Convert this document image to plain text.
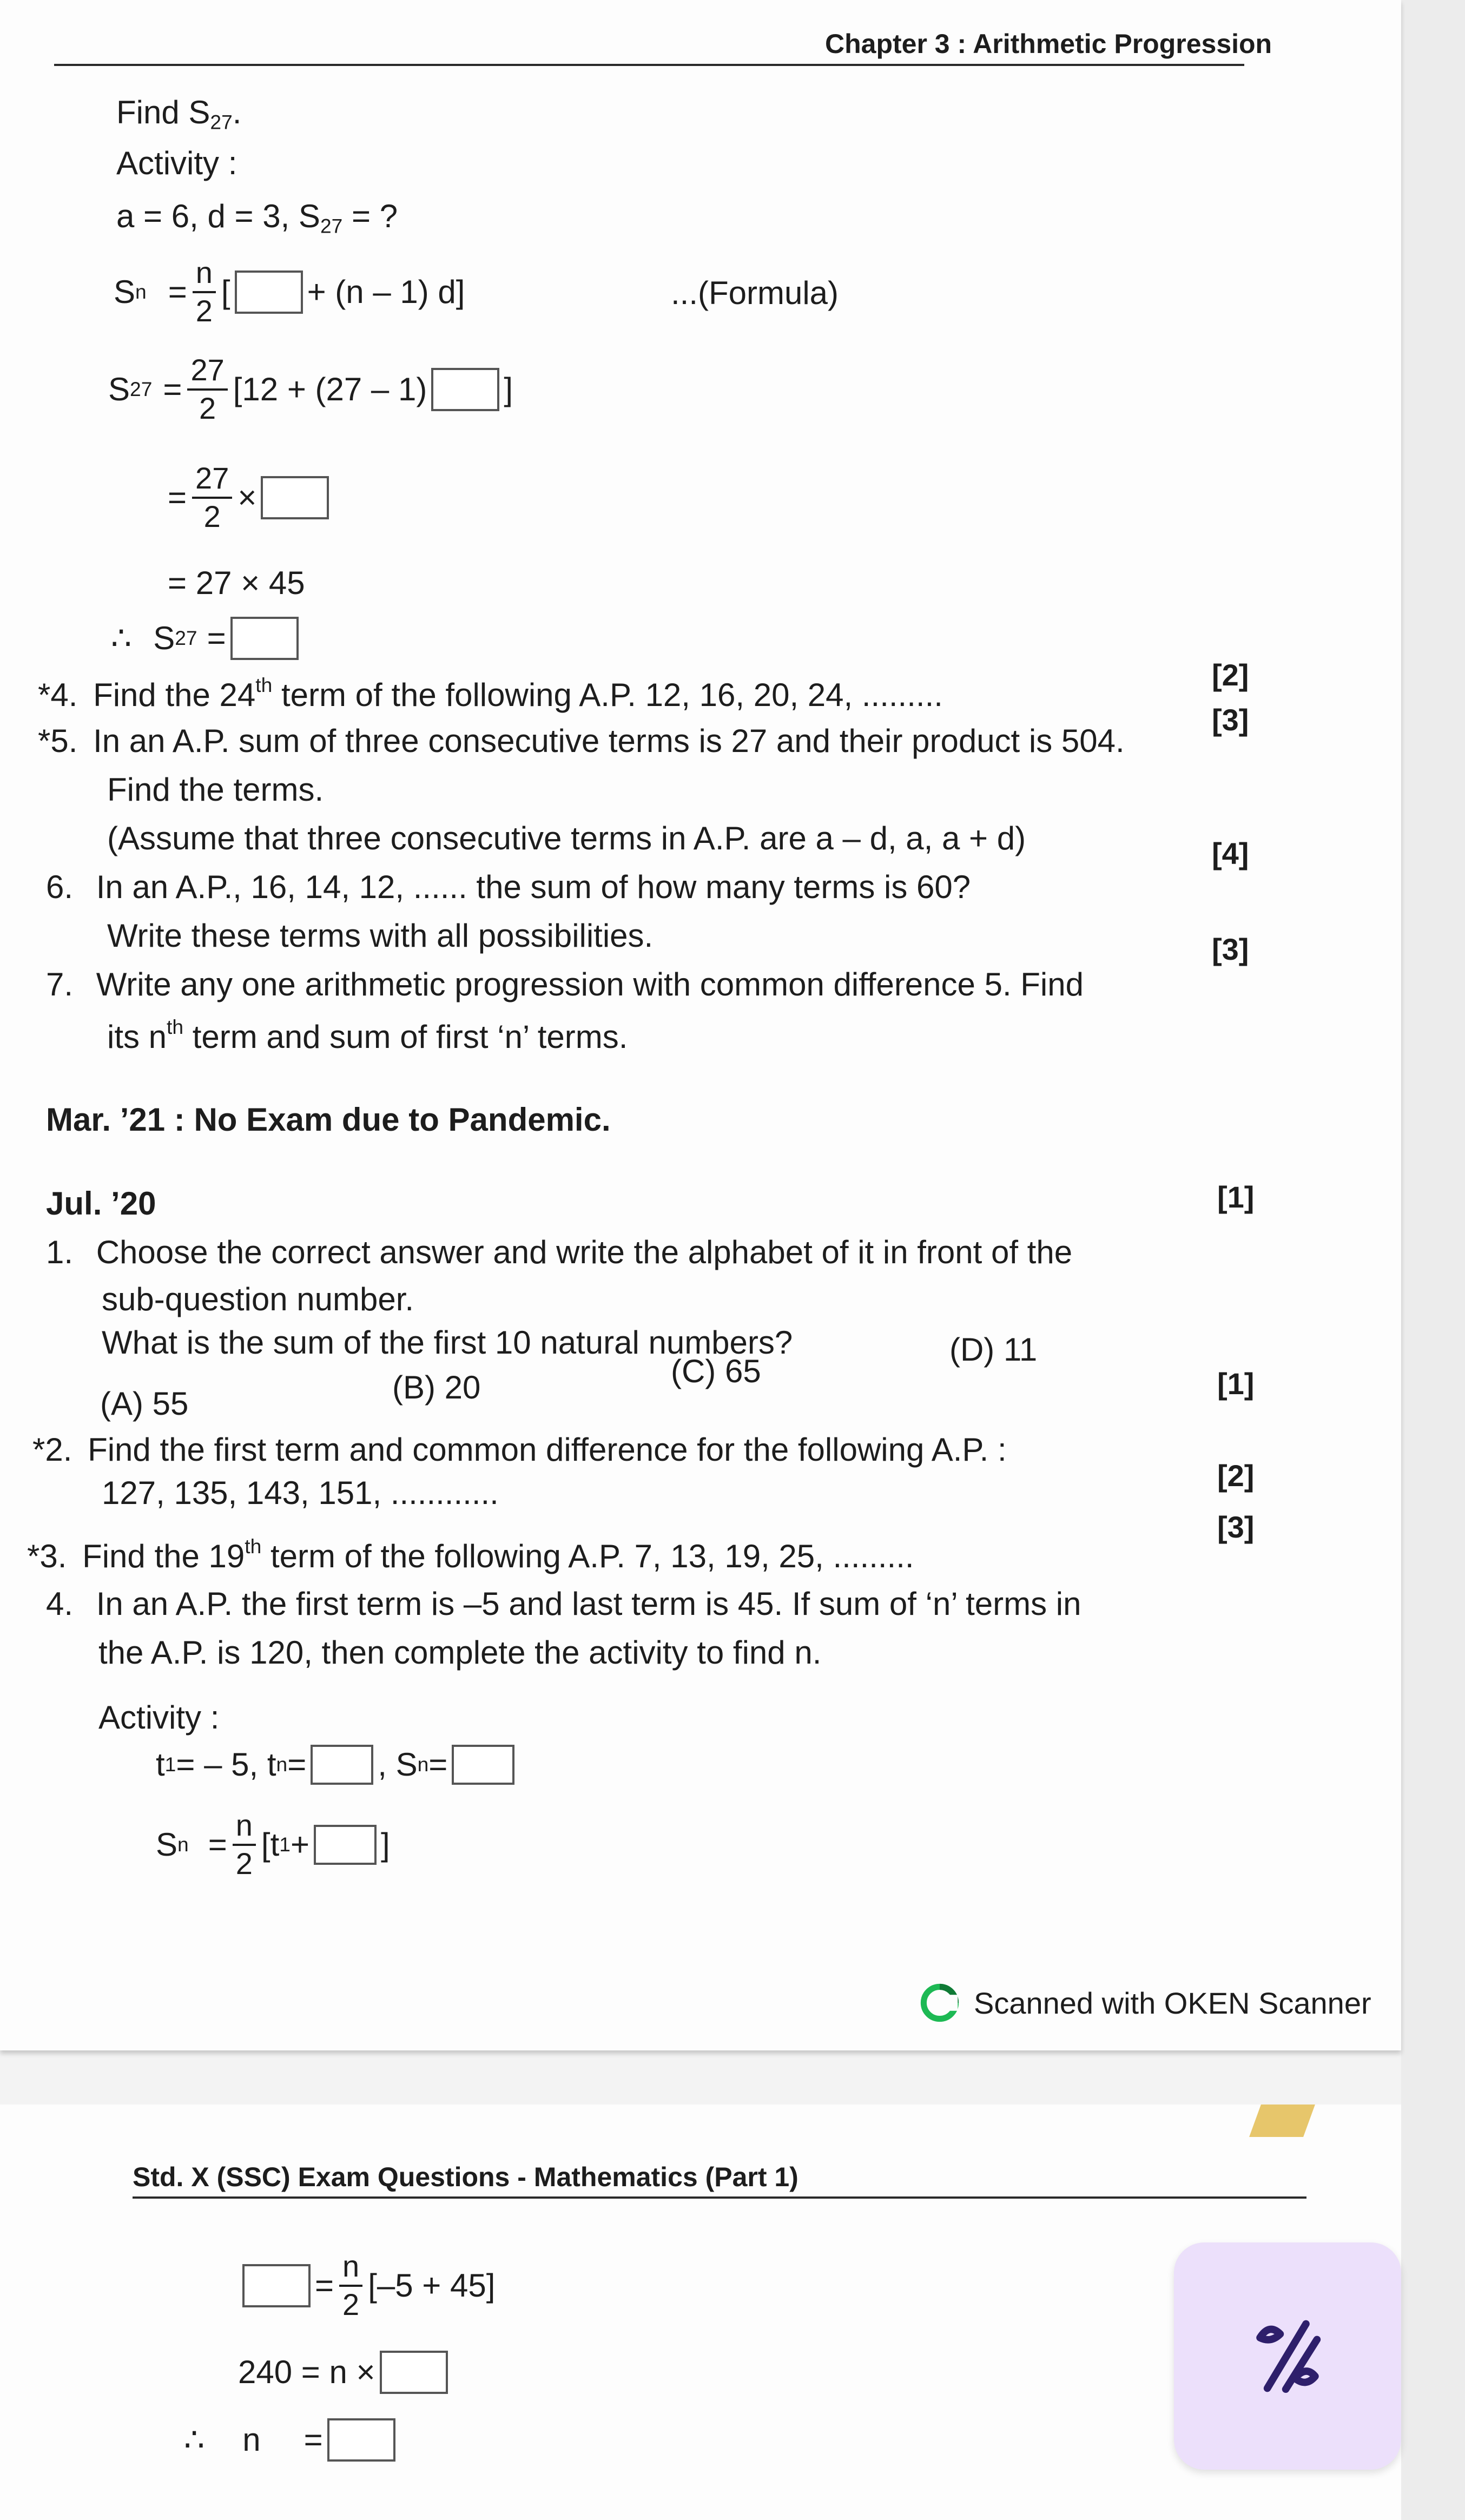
Chapter 3 : Arithmetic Progression
Find $S_{27}$.
Activity :
a = 6, d = 3, $S_{27}$ = ?
S $n = \frac{n}{2}$ [ + (n – 1) d]	...(Formula)
S $27 = \frac{27}{2} [12 + (27 - 1)$ ]
= $\frac{27}{2}$ ×
= 27 × 45
∴ S 27 =
*4. Find the 24th term of the following A.P. 12, 16, 20, 24, .........
[2]
*5. In an A.P. sum of three consecutive terms is 27 and their product is 504.
[3]
Find the terms.
(Assume that three consecutive terms in A.P. are a – d, a, a + d)
6. In an A.P., 16, 14, 12, ...... the sum of how many terms is 60?
[4]
Write these terms with all possibilities.
7. Write any one arithmetic progression with common difference 5. Find
[3]
its $n^{th}$ term and sum of first ‘n’ terms.
Mar. ’21 : No Exam due to Pandemic.
Jul. ’20	[1]
1. Choose the correct answer and write the alphabet of it in front of the
sub-question number.
What is the sum of the first 10 natural numbers?
(A) 55	(B) 20	(C) 65
(D) 11
*2. Find the first term and common difference for the following A.P. :
[1]
127, 135, 143, 151, ............
*3. Find the 19th term of the following A.P. 7, 13, 19, 25, .........
[2]
4. In an A.P. the first term is –5 and last term is 45. If sum of ‘n’ terms in
[3]
the A.P. is 120, then complete the activity to find n.
Activity :
t 1 = – 5, t n = , S n =
S $n = \frac{n}{2} [t$ 1 + ]
Scanned with OKEN Scanner
Std. X (SSC) Exam Questions - Mathematics (Part 1)
= $\frac{n}{2} [-5 + 45]$
240 = n ×
∴ n =
